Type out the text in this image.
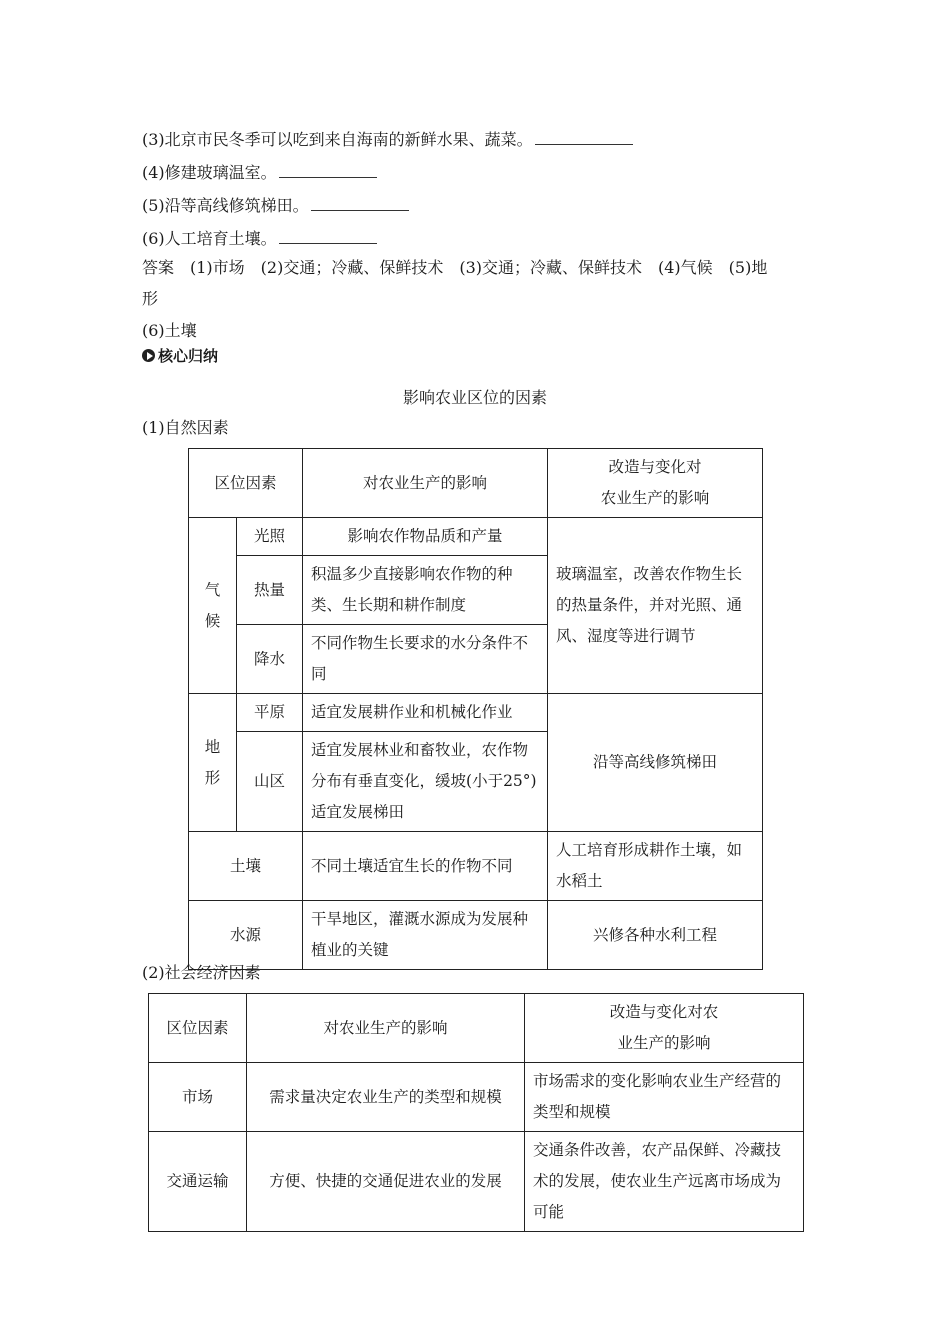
(3)北京市民冬季可以吃到来自海南的新鲜水果、蔬菜。
(4)修建玻璃温室。
(5)沿等高线修筑梯田。
(6)人工培育土壤。
答案　(1)市场　(2)交通；冷藏、保鲜技术　(3)交通；冷藏、保鲜技术　(4)气候　(5)地
形
(6)土壤
核心归纳
影响农业区位的因素
(1)自然因素
区位因素		对农业生产的影响	改造与变化对
农业生产的影响
气候	光照	影响农作物品质和产量	玻璃温室，改善农作物生长的热量条件，并对光照、通风、湿度等进行调节
	热量	积温多少直接影响农作物的种类、生长期和耕作制度	
	降水	不同作物生长要求的水分条件不同	
地形	平原	适宜发展耕作业和机械化作业	沿等高线修筑梯田
	山区	适宜发展林业和畜牧业，农作物分布有垂直变化，缓坡(小于25°)适宜发展梯田	
土壤		不同土壤适宜生长的作物不同	人工培育形成耕作土壤，如水稻土
水源		干旱地区，灌溉水源成为发展种植业的关键	兴修各种水利工程
(2)社会经济因素
区位因素	对农业生产的影响	改造与变化对农
业生产的影响
市场	需求量决定农业生产的类型和规模	市场需求的变化影响农业生产经营的类型和规模
交通运输	方便、快捷的交通促进农业的发展	交通条件改善，农产品保鲜、冷藏技术的发展，使农业生产远离市场成为可能
